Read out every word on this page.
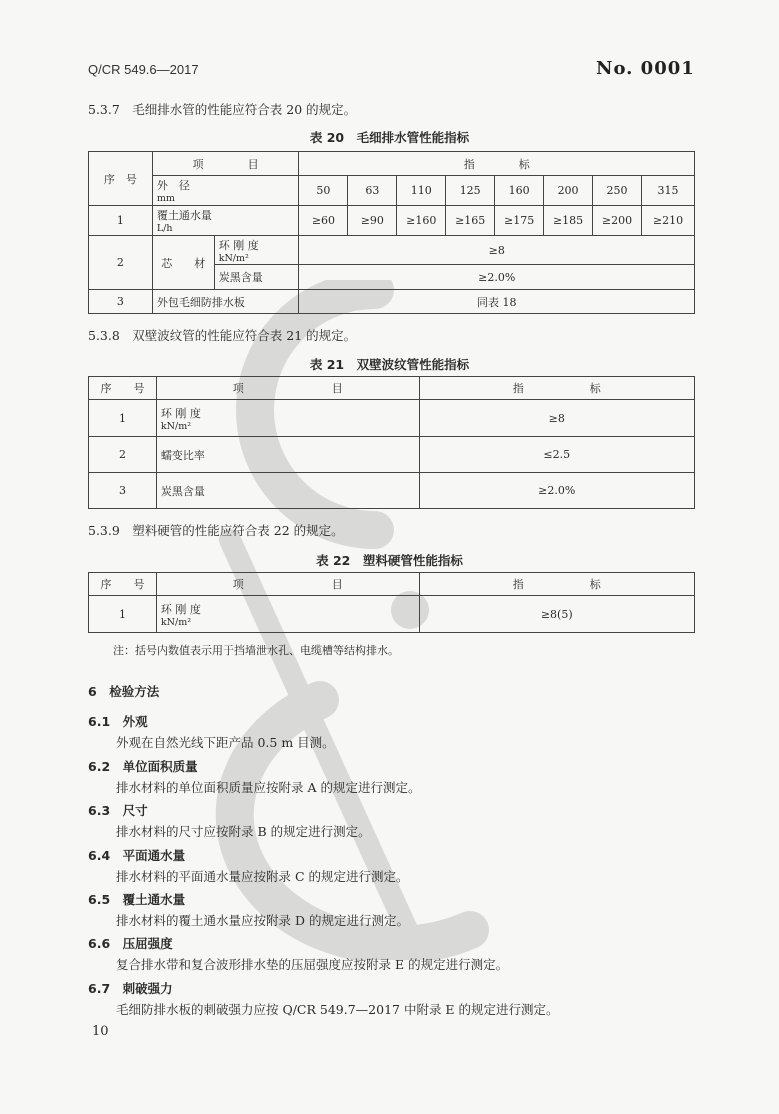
Q/CR 549.6—2017	No. 0001
5.3.7　毛细排水管的性能应符合表 20 的规定。
表 20　毛细排水管性能指标
序　号	项　　　　目		指　　　　标							
	外　径
mm		50	63	110	125	160	200	250	315
1	覆土通水量
L/h		≥60	≥90	≥160	≥165	≥175	≥185	≥200	≥210
2	芯　　材	环 刚 度
kN/m²	≥8							
		炭黑含量	≥2.0%							
3	外包毛细防排水板		同表 18							
5.3.8　双壁波纹管的性能应符合表 21 的规定。
表 21　双壁波纹管性能指标
序　　号	项　　　　　　　　目	指　　　　　　标
1	环 刚 度
kN/m²	≥8
2	蠕变比率	≤2.5
3	炭黑含量	≥2.0%
5.3.9　塑料硬管的性能应符合表 22 的规定。
表 22　塑料硬管性能指标
序　　号	项　　　　　　　　目	指　　　　　　标
1	环 刚 度
kN/m²	≥8(5)
注：括号内数值表示用于挡墙泄水孔、电缆槽等结构排水。
6　检验方法
6.1　外观
外观在自然光线下距产品 0.5 m 目测。
6.2　单位面积质量
排水材料的单位面积质量应按附录 A 的规定进行测定。
6.3　尺寸
排水材料的尺寸应按附录 B 的规定进行测定。
6.4　平面通水量
排水材料的平面通水量应按附录 C 的规定进行测定。
6.5　覆土通水量
排水材料的覆土通水量应按附录 D 的规定进行测定。
6.6　压屈强度
复合排水带和复合波形排水垫的压屈强度应按附录 E 的规定进行测定。
6.7　刺破强力
毛细防排水板的刺破强力应按 Q/CR 549.7—2017 中附录 E 的规定进行测定。
10
